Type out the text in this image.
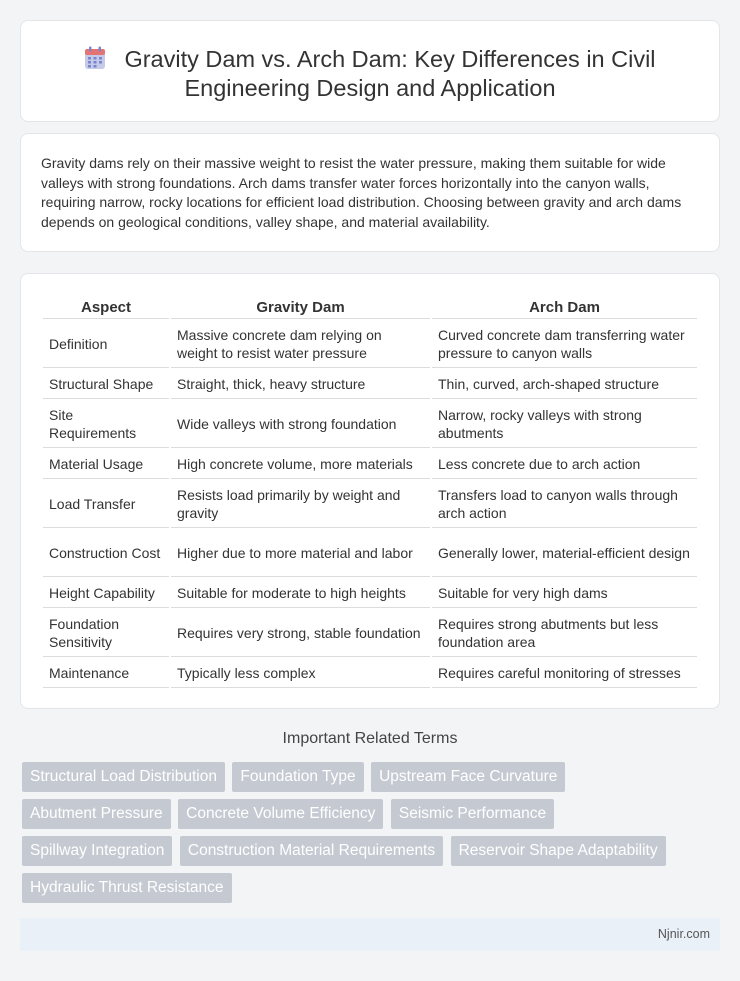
Gravity Dam vs. Arch Dam: Key Differences in Civil Engineering Design and Application

Gravity dams rely on their massive weight to resist the water pressure, making them suitable for wide valleys with strong foundations. Arch dams transfer water forces horizontally into the canyon walls, requiring narrow, rocky locations for efficient load distribution. Choosing between gravity and arch dams depends on geological conditions, valley shape, and material availability.

Aspect	Gravity Dam	Arch Dam
Definition	Massive concrete dam relying on weight to resist water pressure	Curved concrete dam transferring water pressure to canyon walls
Structural Shape	Straight, thick, heavy structure	Thin, curved, arch-shaped structure
Site Requirements	Wide valleys with strong foundation	Narrow, rocky valleys with strong abutments
Material Usage	High concrete volume, more materials	Less concrete due to arch action
Load Transfer	Resists load primarily by weight and gravity	Transfers load to canyon walls through arch action
Construction Cost	Higher due to more material and labor	Generally lower, material-efficient design
Height Capability	Suitable for moderate to high heights	Suitable for very high dams
Foundation Sensitivity	Requires very strong, stable foundation	Requires strong abutments but less foundation area
Maintenance	Typically less complex	Requires careful monitoring of stresses
Important Related Terms
Structural Load Distribution Foundation Type Upstream Face Curvature Abutment Pressure Concrete Volume Efficiency Seismic Performance Spillway Integration Construction Material Requirements Reservoir Shape Adaptability Hydraulic Thrust Resistance
Njnir.com
